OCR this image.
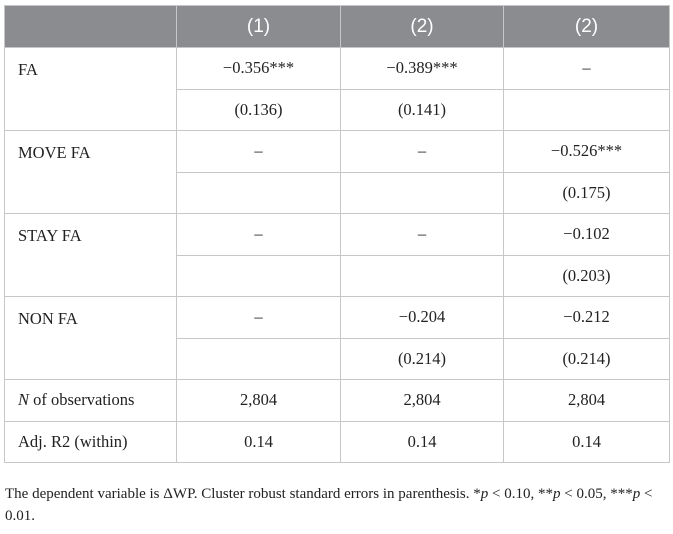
	(1)	(2)	(2)
FA	−0.356***	−0.389***	–
	(0.136)	(0.141)	
MOVE FA	–	–	−0.526***
			(0.175)
STAY FA	–	–	−0.102
			(0.203)
NON FA	–	−0.204	−0.212
		(0.214)	(0.214)
N of observations	2,804	2,804	2,804
Adj. R2 (within)	0.14	0.14	0.14
The dependent variable is ΔWP. Cluster robust standard errors in parenthesis. *p < 0.10, **p < 0.05, ***p < 0.01.
